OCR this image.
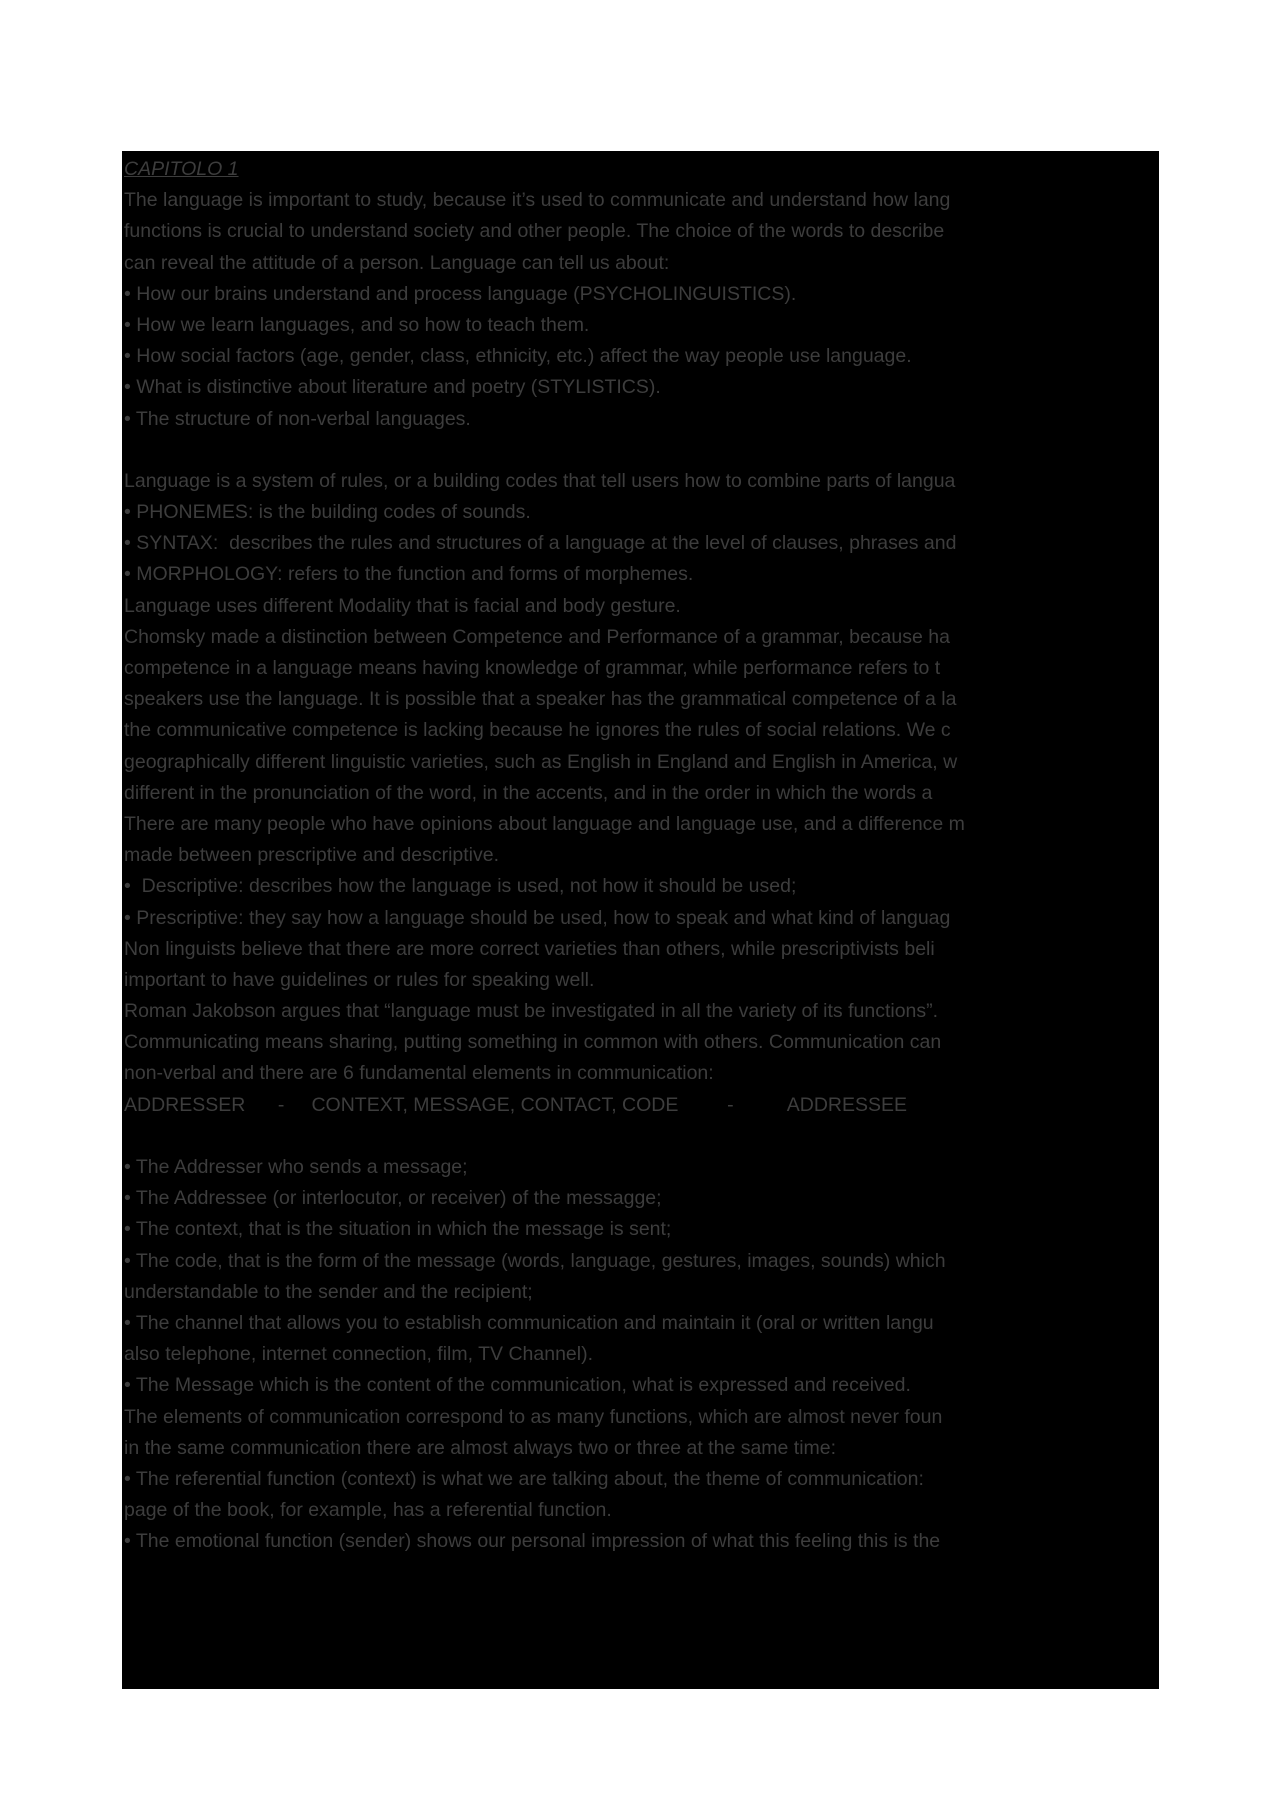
CAPITOLO 1
The language is important to study, because it’s used to communicate and understand how lang
functions is crucial to understand society and other people. The choice of the words to describe
can reveal the attitude of a person. Language can tell us about:
• How our brains understand and process language (PSYCHOLINGUISTICS).
• How we learn languages, and so how to teach them.
• How social factors (age, gender, class, ethnicity, etc.) affect the way people use language.
• What is distinctive about literature and poetry (STYLISTICS).
• The structure of non-verbal languages.
Language is a system of rules, or a building codes that tell users how to combine parts of langua
• PHONEMES: is the building codes of sounds.
• SYNTAX:  describes the rules and structures of a language at the level of clauses, phrases and
• MORPHOLOGY: refers to the function and forms of morphemes.
Language uses different Modality that is facial and body gesture.
Chomsky made a distinction between Competence and Performance of a grammar, because ha
competence in a language means having knowledge of grammar, while performance refers to t
speakers use the language. It is possible that a speaker has the grammatical competence of a la
the communicative competence is lacking because he ignores the rules of social relations. We c
geographically different linguistic varieties, such as English in England and English in America, w
different in the pronunciation of the word, in the accents, and in the order in which the words a
There are many people who have opinions about language and language use, and a difference m
made between prescriptive and descriptive.
•  Descriptive: describes how the language is used, not how it should be used;
• Prescriptive: they say how a language should be used, how to speak and what kind of languag
Non linguists believe that there are more correct varieties than others, while prescriptivists beli
important to have guidelines or rules for speaking well.
Roman Jakobson argues that “language must be investigated in all the variety of its functions”.
Communicating means sharing, putting something in common with others. Communication can
non-verbal and there are 6 fundamental elements in communication:
ADDRESSER      -     CONTEXT, MESSAGE, CONTACT, CODE         -          ADDRESSEE
• The Addresser who sends a message;
• The Addressee (or interlocutor, or receiver) of the messagge;
• The context, that is the situation in which the message is sent;
• The code, that is the form of the message (words, language, gestures, images, sounds) which
understandable to the sender and the recipient;
• The channel that allows you to establish communication and maintain it (oral or written langu
also telephone, internet connection, film, TV Channel).
• The Message which is the content of the communication, what is expressed and received.
The elements of communication correspond to as many functions, which are almost never foun
in the same communication there are almost always two or three at the same time:
• The referential function (context) is what we are talking about, the theme of communication:
page of the book, for example, has a referential function.
• The emotional function (sender) shows our personal impression of what this feeling this is the
